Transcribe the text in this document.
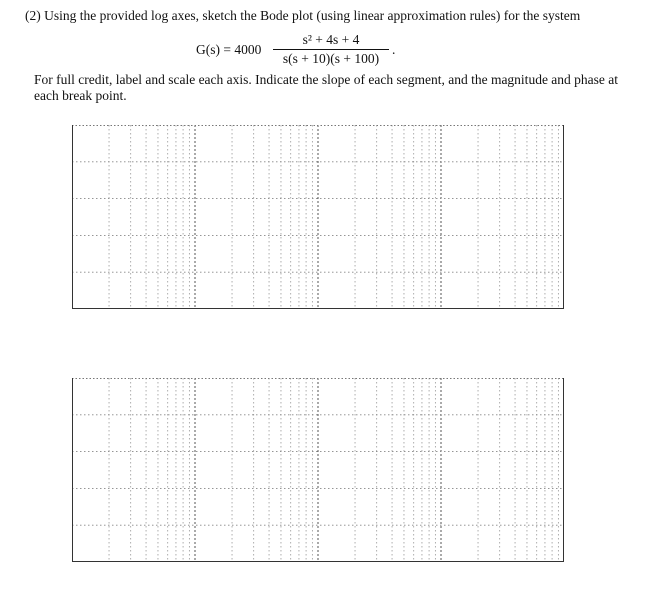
(2) Using the provided log axes, sketch the Bode plot (using linear approximation rules) for the system
G(s) = 4000
s² + 4s + 4
s(s + 10)(s + 100)
.
For full credit, label and scale each axis. Indicate the slope of each segment, and the magnitude and phase at each break point.
